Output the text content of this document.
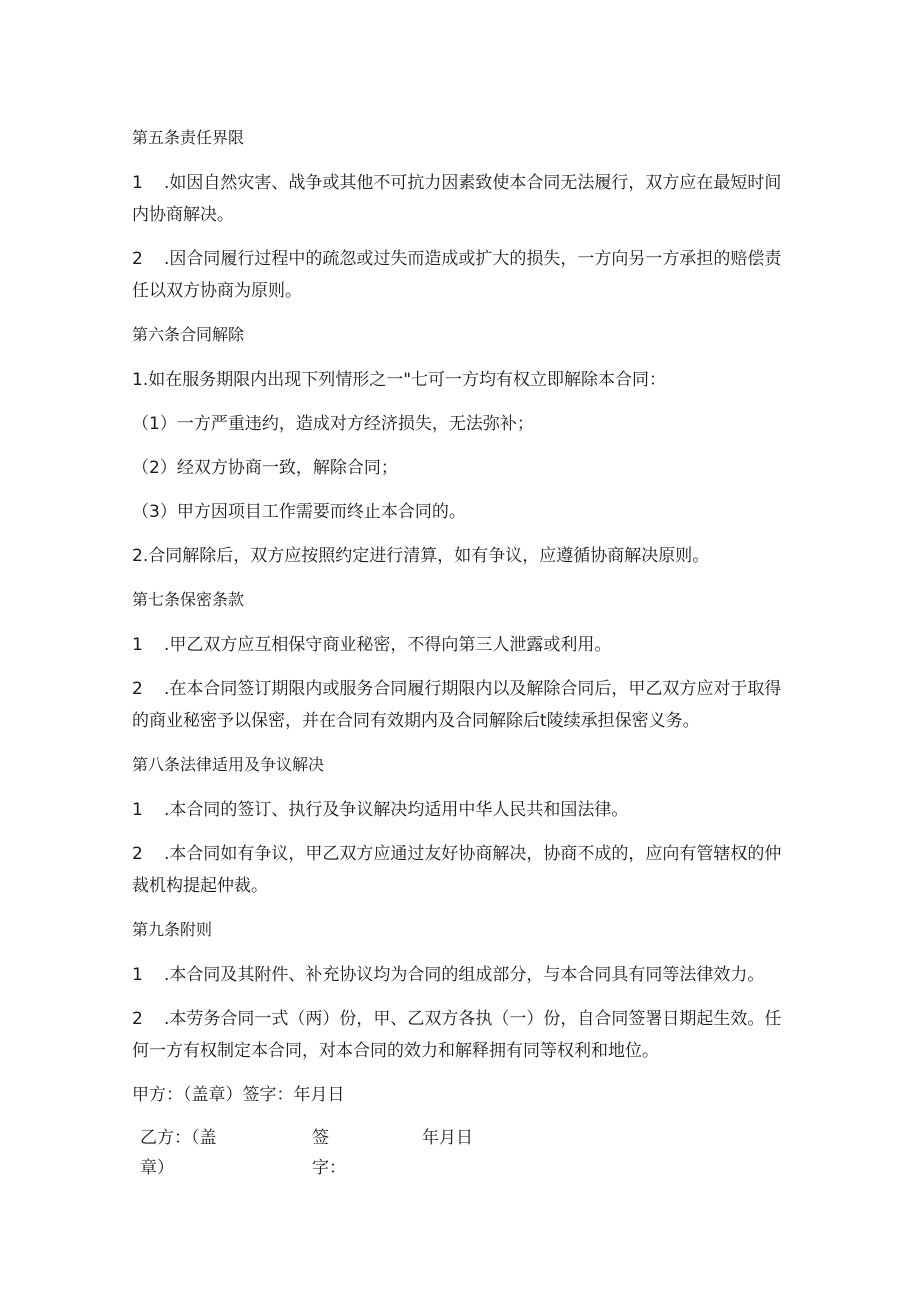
第五条责任界限
1 .如因自然灾害、战争或其他不可抗力因素致使本合同无法履行，双方应在最短时间内协商解决。
2 .因合同履行过程中的疏忽或过失而造成或扩大的损失，一方向另一方承担的赔偿责任以双方协商为原则。
第六条合同解除
1.如在服务期限内出现下列情形之一"七可一方均有权立即解除本合同：
（1）一方严重违约，造成对方经济损失，无法弥补；
（2）经双方协商一致，解除合同；
（3）甲方因项目工作需要而终止本合同的。
2.合同解除后，双方应按照约定进行清算，如有争议，应遵循协商解决原则。
第七条保密条款
1 .甲乙双方应互相保守商业秘密，不得向第三人泄露或利用。
2 .在本合同签订期限内或服务合同履行期限内以及解除合同后，甲乙双方应对于取得的商业秘密予以保密，并在合同有效期内及合同解除后t陵续承担保密义务。
第八条法律适用及争议解决
1 .本合同的签订、执行及争议解决均适用中华人民共和国法律。
2 .本合同如有争议，甲乙双方应通过友好协商解决，协商不成的，应向有管辖权的仲裁机构提起仲裁。
第九条附则
1 .本合同及其附件、补充协议均为合同的组成部分，与本合同具有同等法律效力。
2 .本劳务合同一式（两）份，甲、乙双方各执（一）份，自合同签署日期起生效。任何一方有权制定本合同，对本合同的效力和解释拥有同等权利和地位。
甲方：（盖章）签字：年月日
乙方：（盖章）
签字：
年月日
